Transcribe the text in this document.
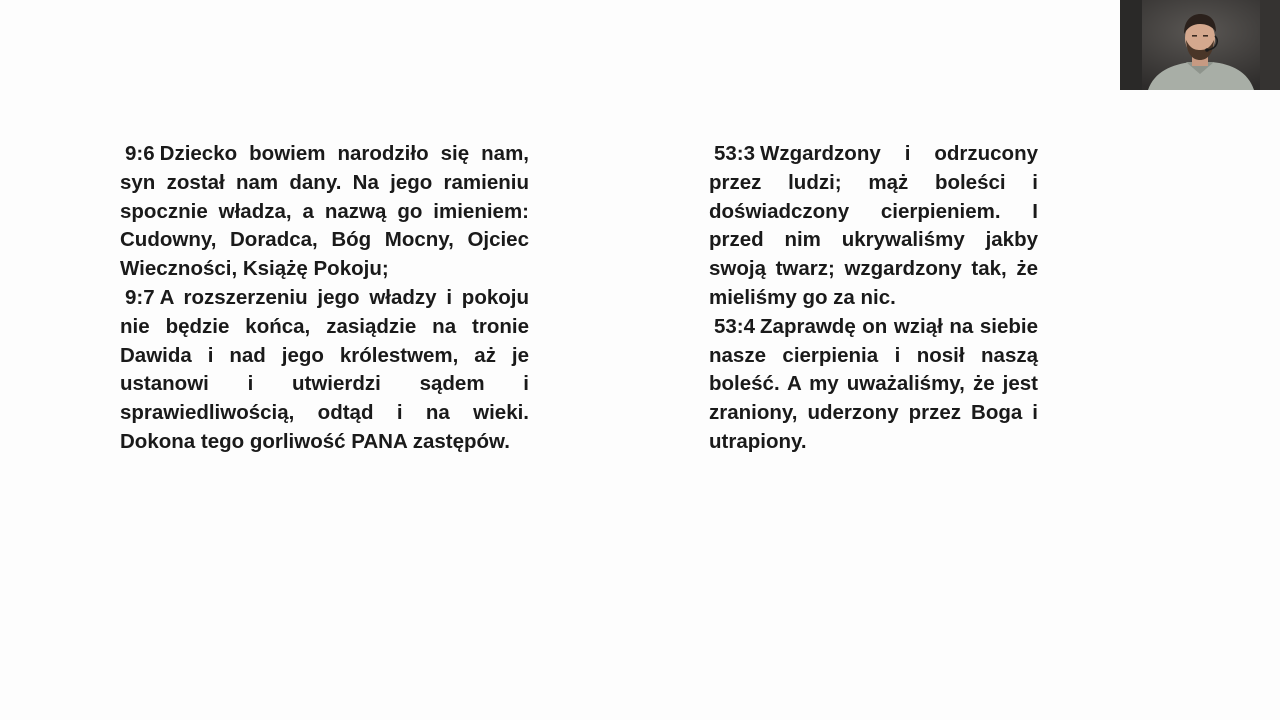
9:6 Dziecko bowiem narodziło się nam, syn został nam dany. Na jego ramieniu spocznie władza, a nazwą go imieniem: Cudowny, Doradca, Bóg Mocny, Ojciec Wieczności, Książę Pokoju;

9:7 A rozszerzeniu jego władzy i pokoju nie będzie końca, zasiądzie na tronie Dawida i nad jego królestwem, aż je ustanowi i utwierdzi sądem i sprawiedliwością, odtąd i na wieki. Dokona tego gorliwość PANA zastępów.

53:3 Wzgardzony i odrzucony przez ludzi; mąż boleści i doświadczony cierpieniem. I przed nim ukrywaliśmy jakby swoją twarz; wzgardzony tak, że mieliśmy go za nic.

53:4 Zaprawdę on wziął na siebie nasze cierpienia i nosił naszą boleść. A my uważaliśmy, że jest zraniony, uderzony przez Boga i utrapiony.
